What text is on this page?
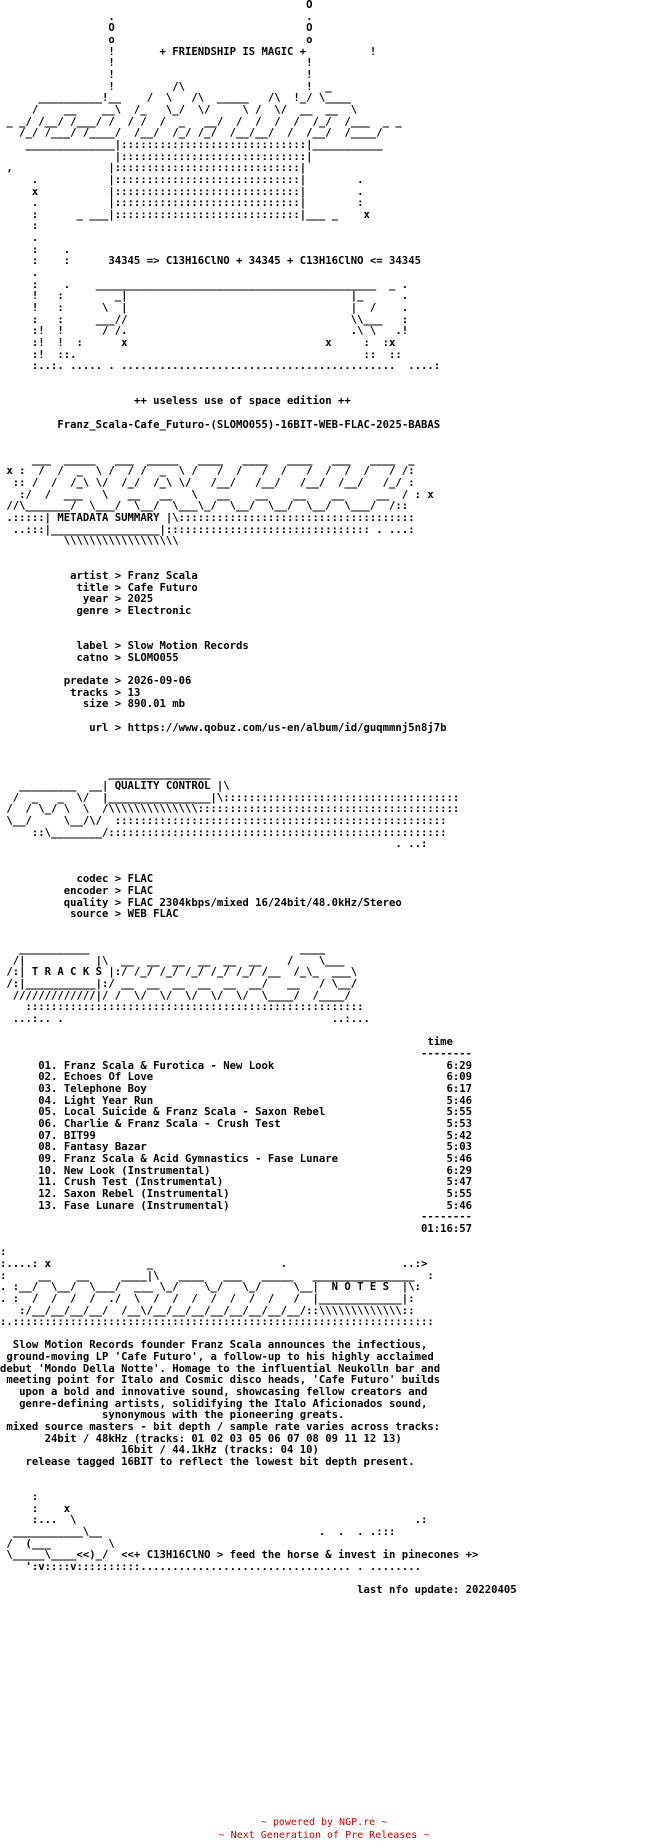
O
.                              .
O                              O
o                              o
!       + FRIENDSHIP IS MAGIC +          !
!                              !
!                              !
!         /\                   !  _
__________!__    /  \   /\  _____   /\  !_/ \____
/    __    __\  /_   \_/  \/     \ /  \/  __  __  \
_ _/ /__/ /___/ /  / /  /  _   __/  /  /  /  /  /_/  /___  _ _
/_/ /___/ /____/  /__/  /_/ /_/  /__/__/  /  /__/  /____/
______________|:::::::::::::::::::::::::::::|___________
|:::::::::::::::::::::::::::::|
,               |:::::::::::::::::::::::::::::|
.           |:::::::::::::::::::::::::::::|        .
x           |:::::::::::::::::::::::::::::|        .
.           |:::::::::::::::::::::::::::::|        :
:      _ ___|:::::::::::::::::::::::::::::|___ _    x
:
.
:    .
:    :      34345 => C13H16ClNO + 34345 + C13H16ClNO <= 34345
.
:    .    ____________________________________________  _ .
!   :        _|                                   |_      .
!   :      \  |                                   |  /    .
:   :     ___//                                   \\___   :
:!  !      / /.                                   .\ \   .!
:!  !  :      x                               x     :  :x
:!  ::.                                             ::  ::
:..:. ..... . ...........................................  ....:

++ useless use of space edition ++

Franz_Scala-Cafe_Futuro-(SLOMO055)-16BIT-WEB-FLAC-2025-BABAS

___  _____   ___  _____   ____   ____   ____   ___   ____  _
x :  /  /  _  \ /  / /  _  \ /   /  /   /  /   /  /  /  /   / /:
:: /  /  /_\ \/  /_/  /_\ \/   /__/   /__/   /__/  /__/   /_/ :
:/  /  ___   \   __   __   \   __    __    __    __     __  / : x
//\_______/  \___/  \__/  \___\_/  \__/  \__/  \__/  \___/  /::
.:::::| METADATA SUMMARY |\:::::::::::::::::::::::::::::::::::::
..:::|_________________|:::::::::::::::::::::::::::::::: . ...:
\\\\\\\\\\\\\\\\\\

artist > Franz Scala
title > Cafe Futuro
year > 2025
genre > Electronic

label > Slow Motion Records
catno > SLOMO055

predate > 2026-09-06
tracks > 13
size > 890.01 mb

url > https://www.qobuz.com/us-en/album/id/guqmmnj5n8j7b

________________
_________  __| QUALITY CONTROL |\
/  _   _  \/  |________________|\:::::::::::::::::::::::::::::::::::::
/  / \_/ \  \  /\\\\\\\\\\\\\\:::::::::::::::::::::::::::::::::::::::::
\__/     \__/\/  ::::::::::::::::::::::::::::::::::::::::::::::::::::
::\________/:::::::::::::::::::::::::::::::::::::::::::::::::::::
. ..:

codec > FLAC
encoder > FLAC
quality > FLAC 2304kbps/mixed 16/24bit/48.0kHz/Stereo
source > WEB FLAC

___________                                 ____
/|           |\  __  __  __  __  __  __    /    \___
/:| T R A C K S |:/ /_/ /_/ /_/ /_/ /_/ /__  /_\_  ___\
/:|___________|:/ __  __  __  __  __  __/   __   / \__/
/////////////|/ /  \/  \/  \/  \/  \/  \____/  /____/
:::::::::::::::::::::::::::::::::::::::::::::::::::::
...:.. .                                          ..:...

time
--------
01. Franz Scala & Furotica - New Look	6:29
02. Echoes Of Love	6:09
03. Telephone Boy	6:17
04. Light Year Run	5:46
05. Local Suicide & Franz Scala - Saxon Rebel	5:55
06. Charlie & Franz Scala - Crush Test	5:53
07. BIT99	5:42
08. Fantasy Bazar	5:03
09. Franz Scala & Acid Gymnastics - Fase Lunare	5:46
10. New Look (Instrumental)	6:29
11. Crush Test (Instrumental)	5:47
12. Saxon Rebel (Instrumental)	5:55
13. Fase Lunare (Instrumental)	5:46
--------
01:16:57

:
:....: x               _                    .                  ..:>
:     __    __     ____|\   ____   ___   _____   ________________  :
. :__/  \__/  \___/  ___ \_/    \_/   \_/     \__|  N O T E S  |\:
. :  /  /  /  /  ./  \  /  /  /  /  /  /  /   /  |_____________|:
:/__/__/__/__/  /__\/__/__/__/__/__/__/__/__/::\\\\\\\\\\\\\::
:.::::::::::::::::::::::::::::::::::::::::::::::::::::::::::::::::::

Slow Motion Records founder Franz Scala announces the infectious,
ground-moving LP 'Cafe Futuro', a follow-up to his highly acclaimed
debut 'Mondo Della Notte'. Homage to the influential Neukolln bar and
meeting point for Italo and Cosmic disco heads, 'Cafe Futuro' builds
upon a bold and innovative sound, showcasing fellow creators and
genre-defining artists, solidifying the Italo Aficionados sound,
synonymous with the pioneering greats.
mixed source masters - bit depth / sample rate varies across tracks:
24bit / 48kHz (tracks: 01 02 03 05 06 07 08 09 11 12 13)
16bit / 44.1kHz (tracks: 04 10)
release tagged 16BIT to reflect the lowest bit depth present.

:
:    x
:...  \                                                     .:
___________\__                                  .  .  . .:::
/  (___         \
\_____\____<<)_/  <<+ C13H16ClNO > feed the horse & invest in pinecones +>
':v::::v::::::::::................................. . ........

last nfo update: 20220405

~ powered by NGP.re ~
~ Next Generation of Pre Releases ~
